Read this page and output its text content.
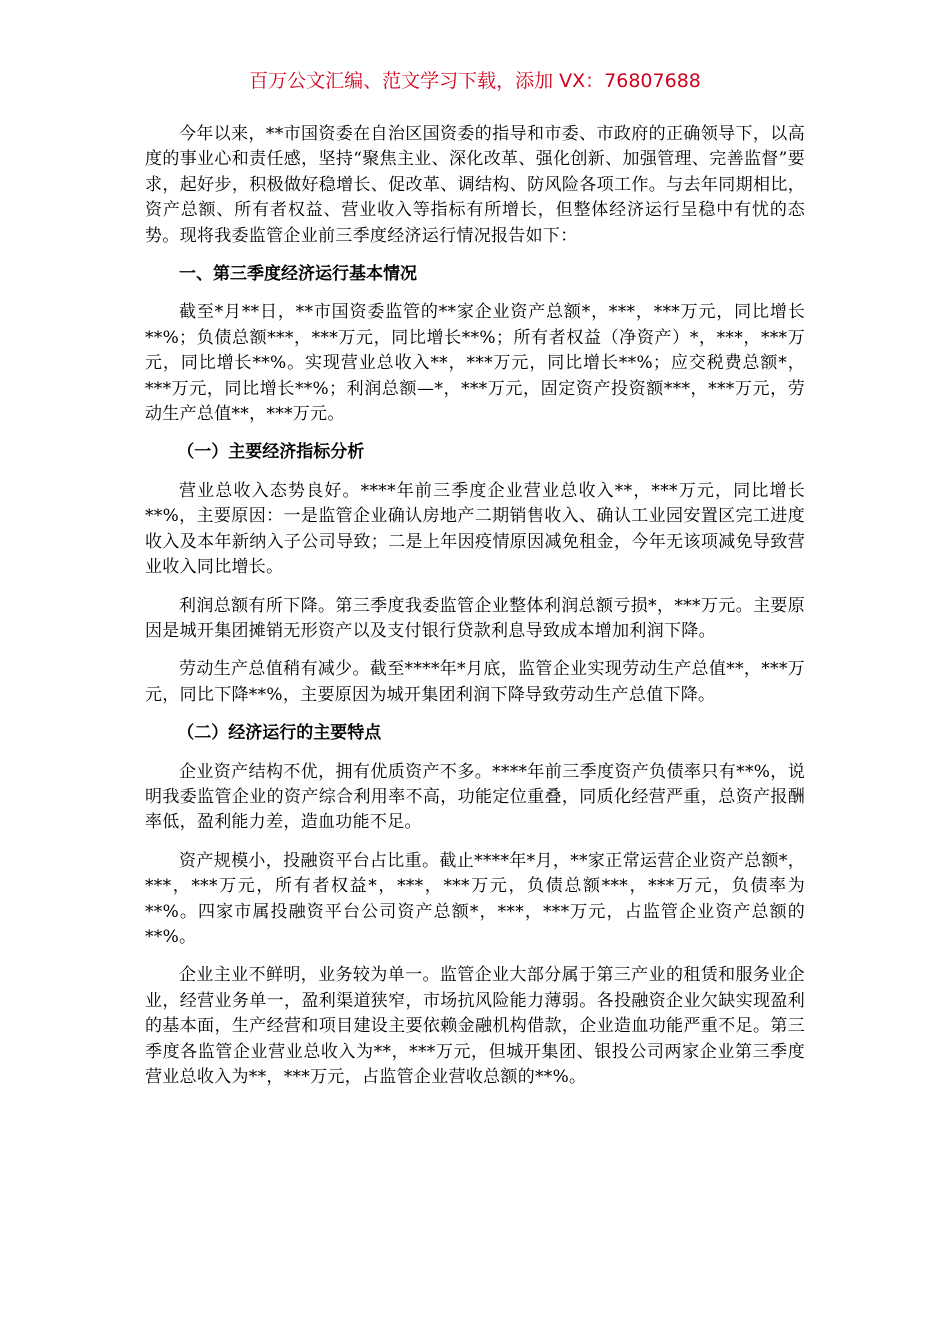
百万公文汇编、范文学习下载，添加 VX：76807688

今年以来，**市国资委在自治区国资委的指导和市委、市政府的正确领导下，以高度的事业心和责任感，坚持“聚焦主业、深化改革、强化创新、加强管理、完善监督”要求，起好步，积极做好稳增长、促改革、调结构、防风险各项工作。与去年同期相比，资产总额、所有者权益、营业收入等指标有所增长，但整体经济运行呈稳中有忧的态势。现将我委监管企业前三季度经济运行情况报告如下：

一、第三季度经济运行基本情况

截至*月**日，**市国资委监管的**家企业资产总额*，***，***万元，同比增长**%；负债总额***，***万元，同比增长**%；所有者权益（净资产）*，***，***万元，同比增长**%。实现营业总收入**，***万元，同比增长**%；应交税费总额*，***万元，同比增长**%；利润总额—*，***万元，固定资产投资额***，***万元，劳动生产总值**，***万元。

（一）主要经济指标分析

营业总收入态势良好。****年前三季度企业营业总收入**，***万元，同比增长**%，主要原因：一是监管企业确认房地产二期销售收入、确认工业园安置区完工进度收入及本年新纳入子公司导致；二是上年因疫情原因减免租金，今年无该项减免导致营业收入同比增长。

利润总额有所下降。第三季度我委监管企业整体利润总额亏损*，***万元。主要原因是城开集团摊销无形资产以及支付银行贷款利息导致成本增加利润下降。

劳动生产总值稍有减少。截至****年*月底，监管企业实现劳动生产总值**，***万元，同比下降**%，主要原因为城开集团利润下降导致劳动生产总值下降。

（二）经济运行的主要特点

企业资产结构不优，拥有优质资产不多。****年前三季度资产负债率只有**%，说明我委监管企业的资产综合利用率不高，功能定位重叠，同质化经营严重，总资产报酬率低，盈利能力差，造血功能不足。

资产规模小，投融资平台占比重。截止****年*月，**家正常运营企业资产总额*，***，***万元，所有者权益*，***，***万元，负债总额***，***万元，负债率为**%。四家市属投融资平台公司资产总额*，***，***万元，占监管企业资产总额的**%。

企业主业不鲜明，业务较为单一。监管企业大部分属于第三产业的租赁和服务业企业，经营业务单一，盈利渠道狭窄，市场抗风险能力薄弱。各投融资企业欠缺实现盈利的基本面，生产经营和项目建设主要依赖金融机构借款，企业造血功能严重不足。第三季度各监管企业营业总收入为**，***万元，但城开集团、银投公司两家企业第三季度营业总收入为**，***万元，占监管企业营收总额的**%。
